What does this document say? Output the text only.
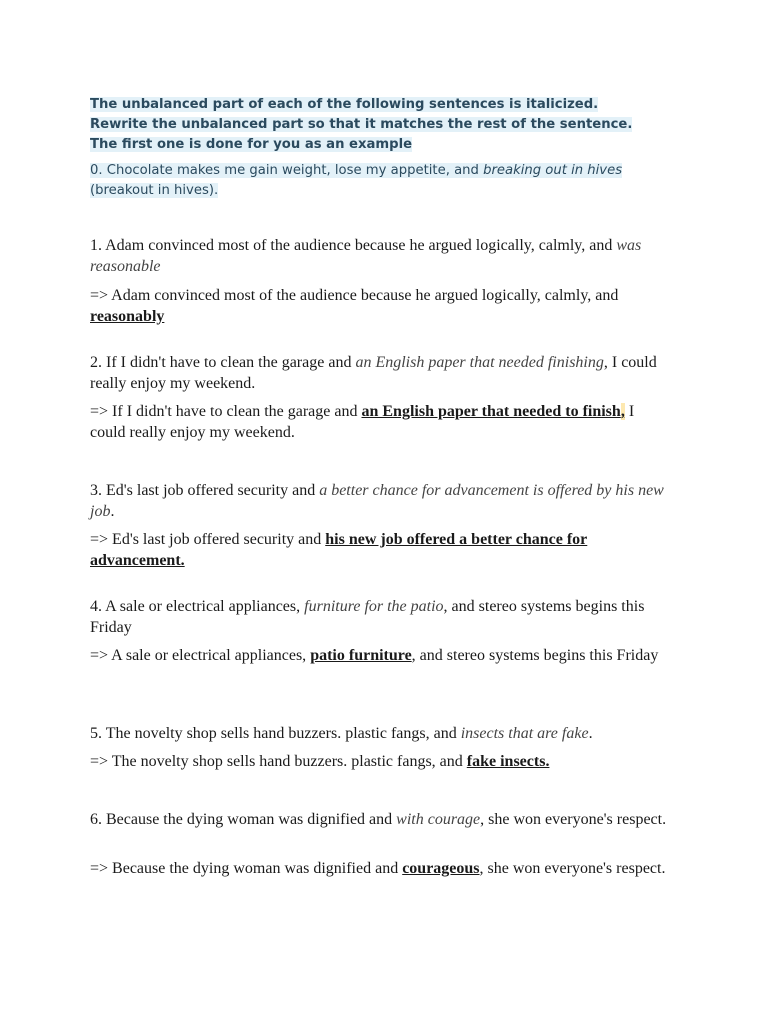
The unbalanced part of each of the following sentences is italicized. Rewrite the unbalanced part so that it matches the rest of the sentence. The first one is done for you as an example
0. Chocolate makes me gain weight, lose my appetite, and breaking out in hives (breakout in hives).
1. Adam convinced most of the audience because he argued logically, calmly, and was reasonable
=> Adam convinced most of the audience because he argued logically, calmly, and reasonably
2. If I didn't have to clean the garage and an English paper that needed finishing, I could really enjoy my weekend.
=> If I didn't have to clean the garage and an English paper that needed to finish, I could really enjoy my weekend.
3. Ed's last job offered security and a better chance for advancement is offered by his new job.
=> Ed's last job offered security and his new job offered a better chance for advancement.
4. A sale or electrical appliances, furniture for the patio, and stereo systems begins this Friday
=> A sale or electrical appliances, patio furniture, and stereo systems begins this Friday
5. The novelty shop sells hand buzzers. plastic fangs, and insects that are fake.
=> The novelty shop sells hand buzzers. plastic fangs, and fake insects.
6. Because the dying woman was dignified and with courage, she won everyone's respect.
=> Because the dying woman was dignified and courageous, she won everyone's respect.
